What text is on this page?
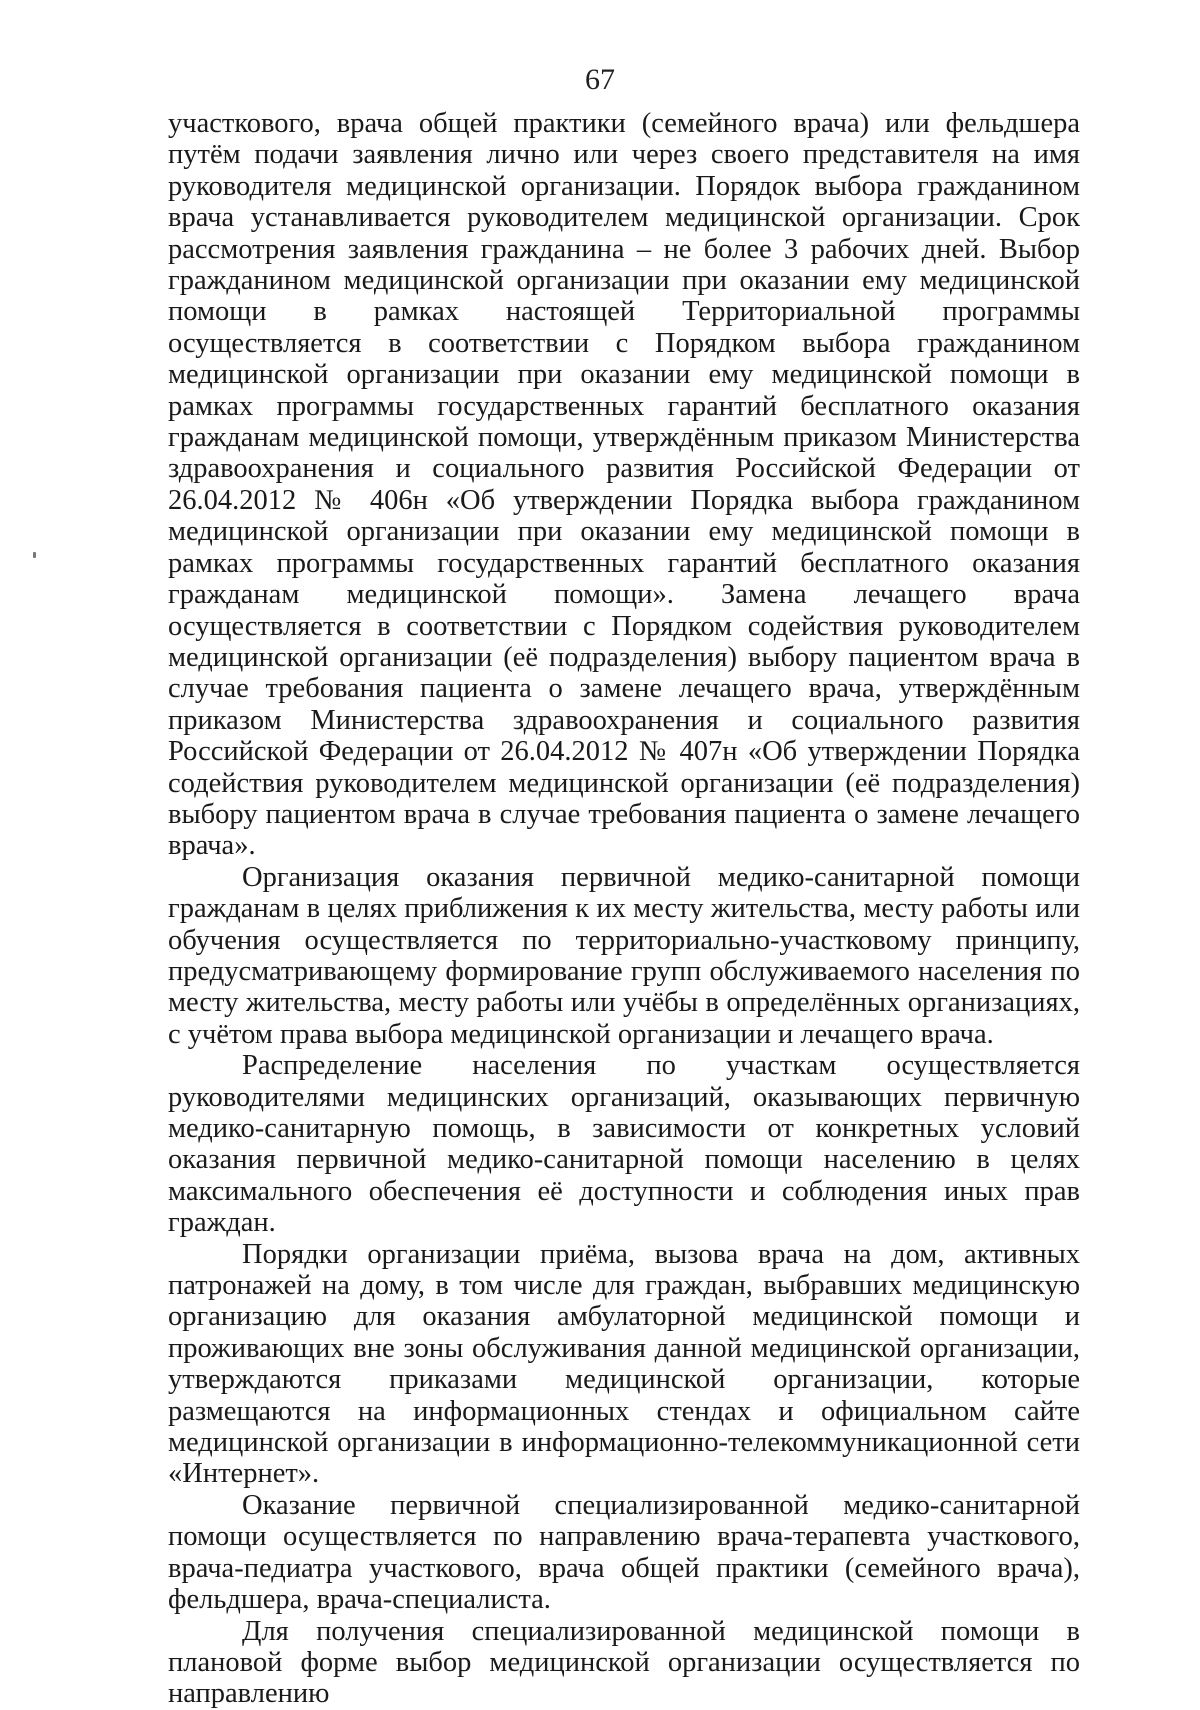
67

участкового, врача общей практики (семейного врача) или фельдшера путём подачи заявления лично или через своего представителя на имя руководителя медицинской организации. Порядок выбора гражданином врача устанавливается руководителем медицинской организации. Срок рассмотрения заявления гражданина – не более 3 рабочих дней. Выбор гражданином медицинской организации при оказании ему медицинской помощи в рамках настоящей Территориальной программы осуществляется в соответствии с Порядком выбора гражданином медицинской организации при оказании ему медицинской помощи в рамках программы государственных гарантий бесплатного оказания гражданам медицинской помощи, утверждённым приказом Министерства здравоохранения и социального развития Российской Федерации от 26.04.2012 № 406н «Об утверждении Порядка выбора гражданином медицинской организации при оказании ему медицинской помощи в рамках программы государственных гарантий бесплатного оказания гражданам медицинской помощи». Замена лечащего врача осуществляется в соответствии с Порядком содействия руководителем медицинской организации (её подразделения) выбору пациентом врача в случае требования пациента о замене лечащего врача, утверждённым приказом Министерства здравоохранения и социального развития Российской Федерации от 26.04.2012 № 407н «Об утверждении Порядка содействия руководителем медицинской организации (её подразделения) выбору пациентом врача в случае требования пациента о замене лечащего врача».

Организация оказания первичной медико-санитарной помощи гражданам в целях приближения к их месту жительства, месту работы или обучения осуществляется по территориально-участковому принципу, предусматривающему формирование групп обслуживаемого населения по месту жительства, месту работы или учёбы в определённых организациях, с учётом права выбора медицинской организации и лечащего врача.

Распределение населения по участкам осуществляется руководителями медицинских организаций, оказывающих первичную медико-санитарную помощь, в зависимости от конкретных условий оказания первичной медико-санитарной помощи населению в целях максимального обеспечения её доступности и соблюдения иных прав граждан.

Порядки организации приёма, вызова врача на дом, активных патронажей на дому, в том числе для граждан, выбравших медицинскую организацию для оказания амбулаторной медицинской помощи и проживающих вне зоны обслуживания данной медицинской организации, утверждаются приказами медицинской организации, которые размещаются на информационных стендах и официальном сайте медицинской организации в информационно-телекоммуникационной сети «Интернет».

Оказание первичной специализированной медико-санитарной помощи осуществляется по направлению врача-терапевта участкового, врача-педиатра участкового, врача общей практики (семейного врача), фельдшера, врача-специалиста.

Для получения специализированной медицинской помощи в плановой форме выбор медицинской организации осуществляется по направлению
